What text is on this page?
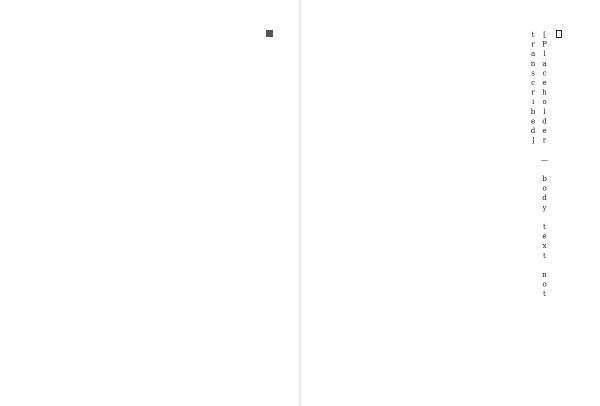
[Placeholder — body text not transcribed]
